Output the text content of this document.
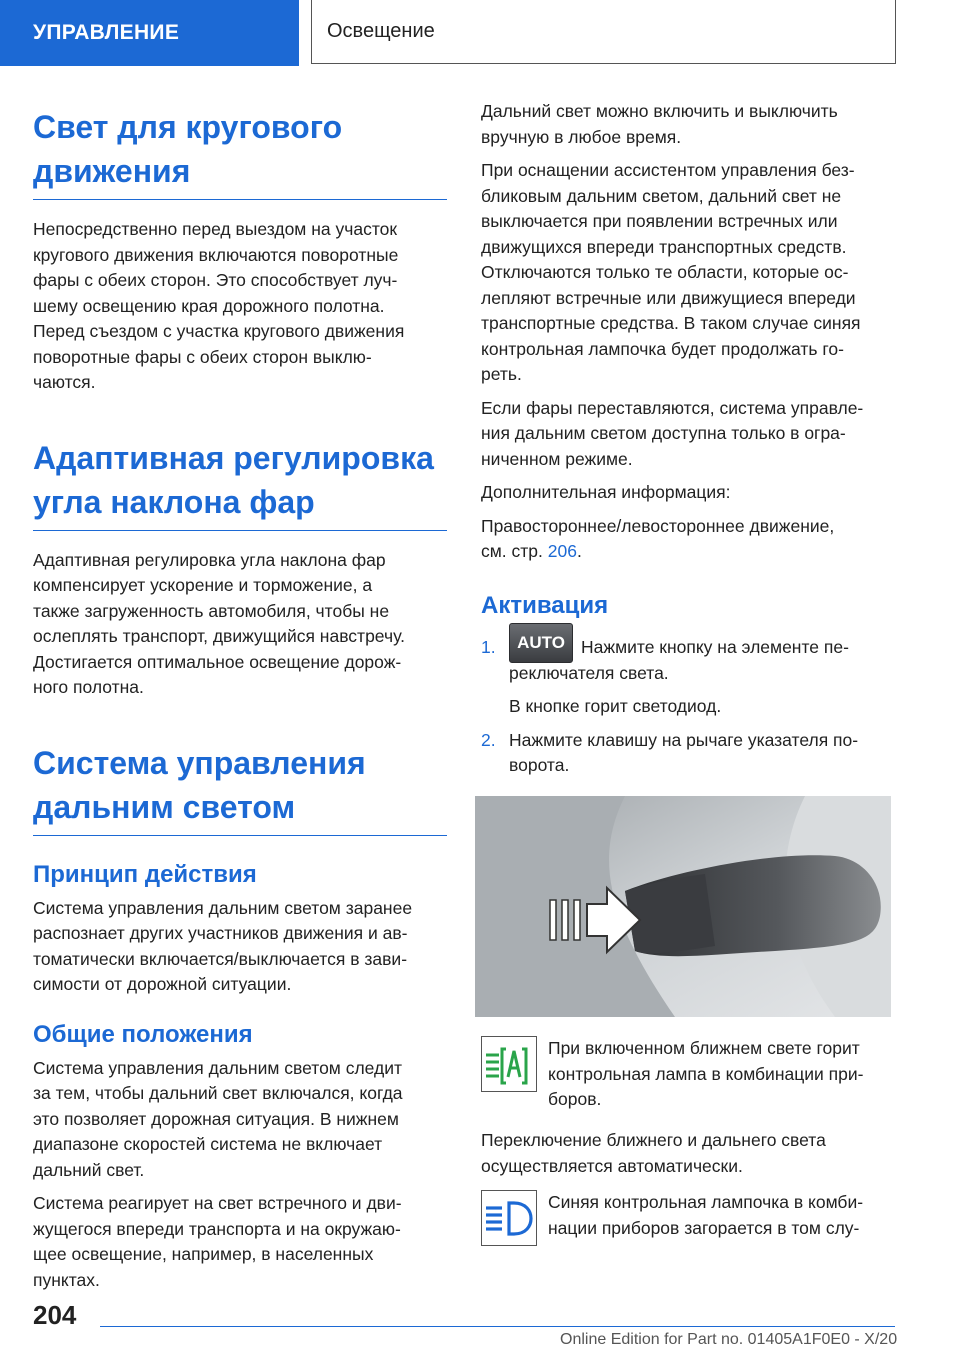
УПРАВЛЕНИЕ	Освещение
Свет для кругового
движения
Непосредственно перед выездом на участок
кругового движения включаются поворотные
фары с обеих сторон. Это способствует луч-
шему освещению края дорожного полотна.
Перед съездом с участка кругового движения
поворотные фары с обеих сторон выклю-
чаются.
Адаптивная регулировка
угла наклона фар
Адаптивная регулировка угла наклона фар
компенсирует ускорение и торможение, а
также загруженность автомобиля, чтобы не
ослеплять транспорт, движущийся навстречу.
Достигается оптимальное освещение дорож-
ного полотна.
Система управления
дальним светом
Принцип действия
Система управления дальним светом заранее
распознает других участников движения и ав-
томатически включается/выключается в зави-
симости от дорожной ситуации.
Общие положения
Система управления дальним светом следит
за тем, чтобы дальний свет включался, когда
это позволяет дорожная ситуация. В нижнем
диапазоне скоростей система не включает
дальний свет.
Система реагирует на свет встречного и дви-
жущегося впереди транспорта и на окружаю-
щее освещение, например, в населенных
пунктах.
Дальний свет можно включить и выключить
вручную в любое время.
При оснащении ассистентом управления без-
бликовым дальним светом, дальний свет не
выключается при появлении встречных или
движущихся впереди транспортных средств.
Отключаются только те области, которые ос-
лепляют встречные или движущиеся впереди
транспортные средства. В таком случае синяя
контрольная лампочка будет продолжать го-
реть.
Если фары переставляются, система управле-
ния дальним светом доступна только в огра-
ниченном режиме.
Дополнительная информация:
Правостороннее/левостороннее движение,
см. стр. 206.
Активация
1.	AUTO Нажмите кнопку на элементе пе-
реключателя света.
В кнопке горит светодиод.
2. Нажмите клавишу на рычаге указателя по-
ворота.
При включенном ближнем свете горит
контрольная лампа в комбинации при-
боров.
Переключение ближнего и дальнего света
осуществляется автоматически.
Синяя контрольная лампочка в комби-
нации приборов загорается в том слу-
204
Online Edition for Part no. 01405A1F0E0 - X/20
